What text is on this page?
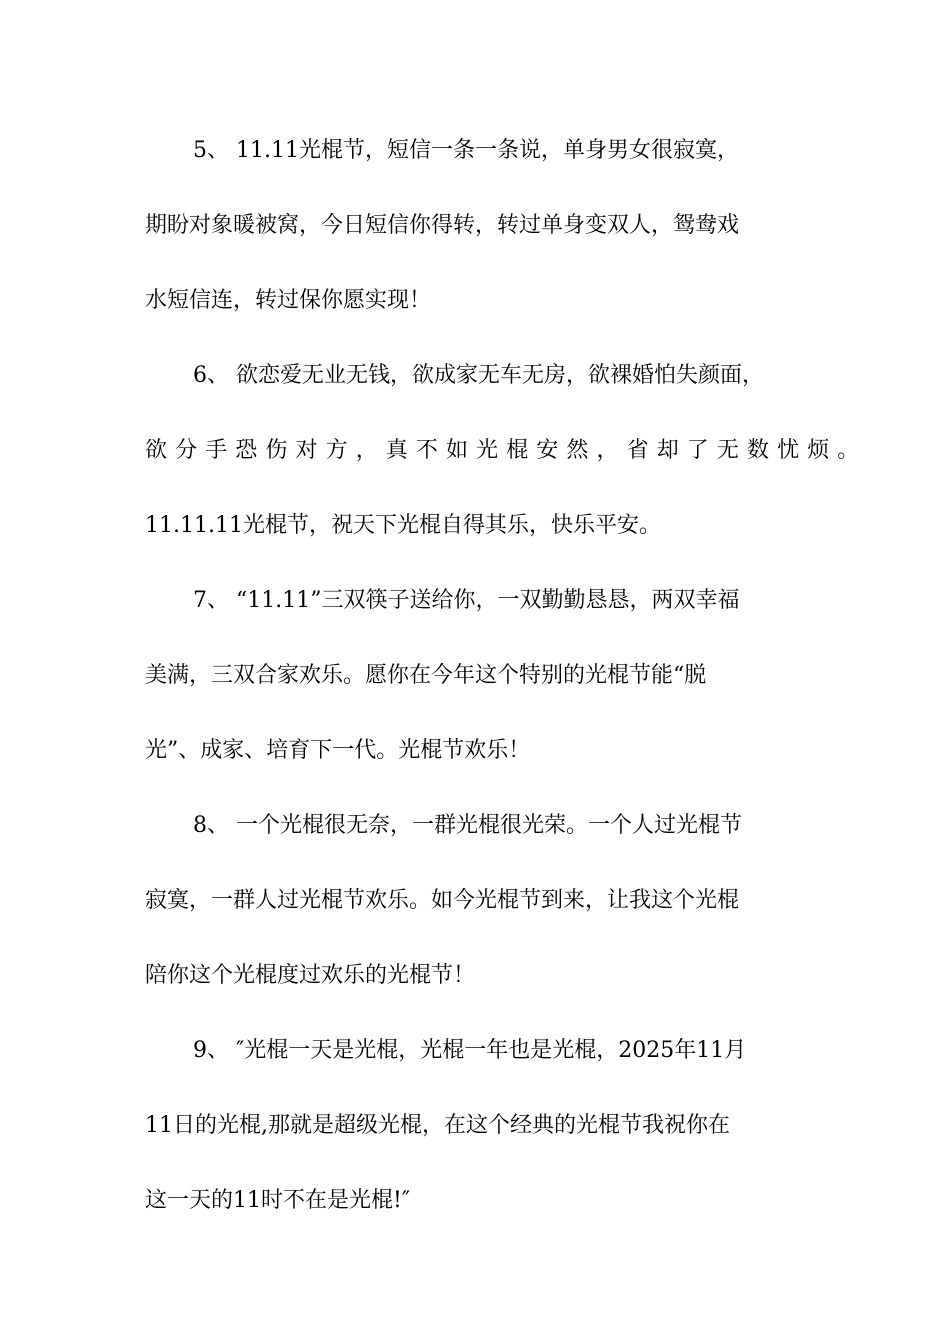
5、 11.11光棍节，短信一条一条说，单身男女很寂寞，
期盼对象暖被窝，今日短信你得转，转过单身变双人，鸳鸯戏
水短信连，转过保你愿实现！
6、 欲恋爱无业无钱，欲成家无车无房，欲裸婚怕失颜面，
欲分手恐伤对方，真不如光棍安然，省却了无数忧烦。
11.11.11光棍节，祝天下光棍自得其乐，快乐平安。
7、 “11.11”三双筷子送给你，一双勤勤恳恳，两双幸福
美满，三双合家欢乐。愿你在今年这个特别的光棍节能“脱
光”、成家、培育下一代。光棍节欢乐！
8、 一个光棍很无奈，一群光棍很光荣。一个人过光棍节
寂寞，一群人过光棍节欢乐。如今光棍节到来，让我这个光棍
陪你这个光棍度过欢乐的光棍节！
9、 ″光棍一天是光棍，光棍一年也是光棍，2025年11月
11日的光棍,那就是超级光棍，在这个经典的光棍节我祝你在
这一天的11时不在是光棍!″
